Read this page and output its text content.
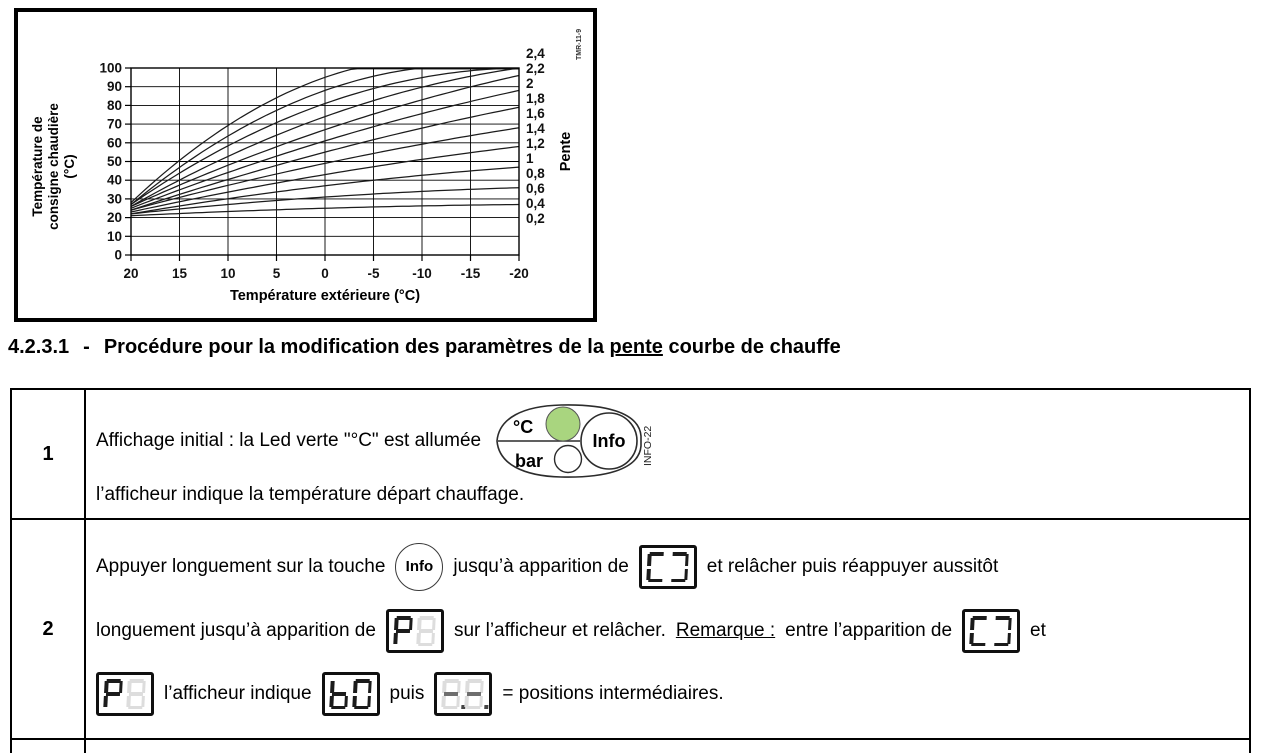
20 15 10	5	0	-5 -10 -15 -20
0
10
20
30
40
50
60
70
80
90
100
2,4
2,2
2
1,8
1,6
1,4
1,2
1
0,8
0,6
0,4
0,2
Température extérieure (°C)
Température de consigne chaudière (°C)	Pente
TMR-11-9
4.2.3.1 - Procédure pour la modification des paramètres de la pente courbe de chauffe
1
Affichage initial : la Led verte "°C" est allumée
°C
bar
Info INFO-22
l’afficheur indique la température départ chauffage.
2
Appuyer longuement sur la touche	Info	jusqu’à apparition de	et relâcher puis réappuyer aussitôt
longuement jusqu’à apparition de	sur l’afficheur et relâcher. Remarque : entre l’apparition de	et
l’afficheur indique	puis	= positions intermédiaires.
